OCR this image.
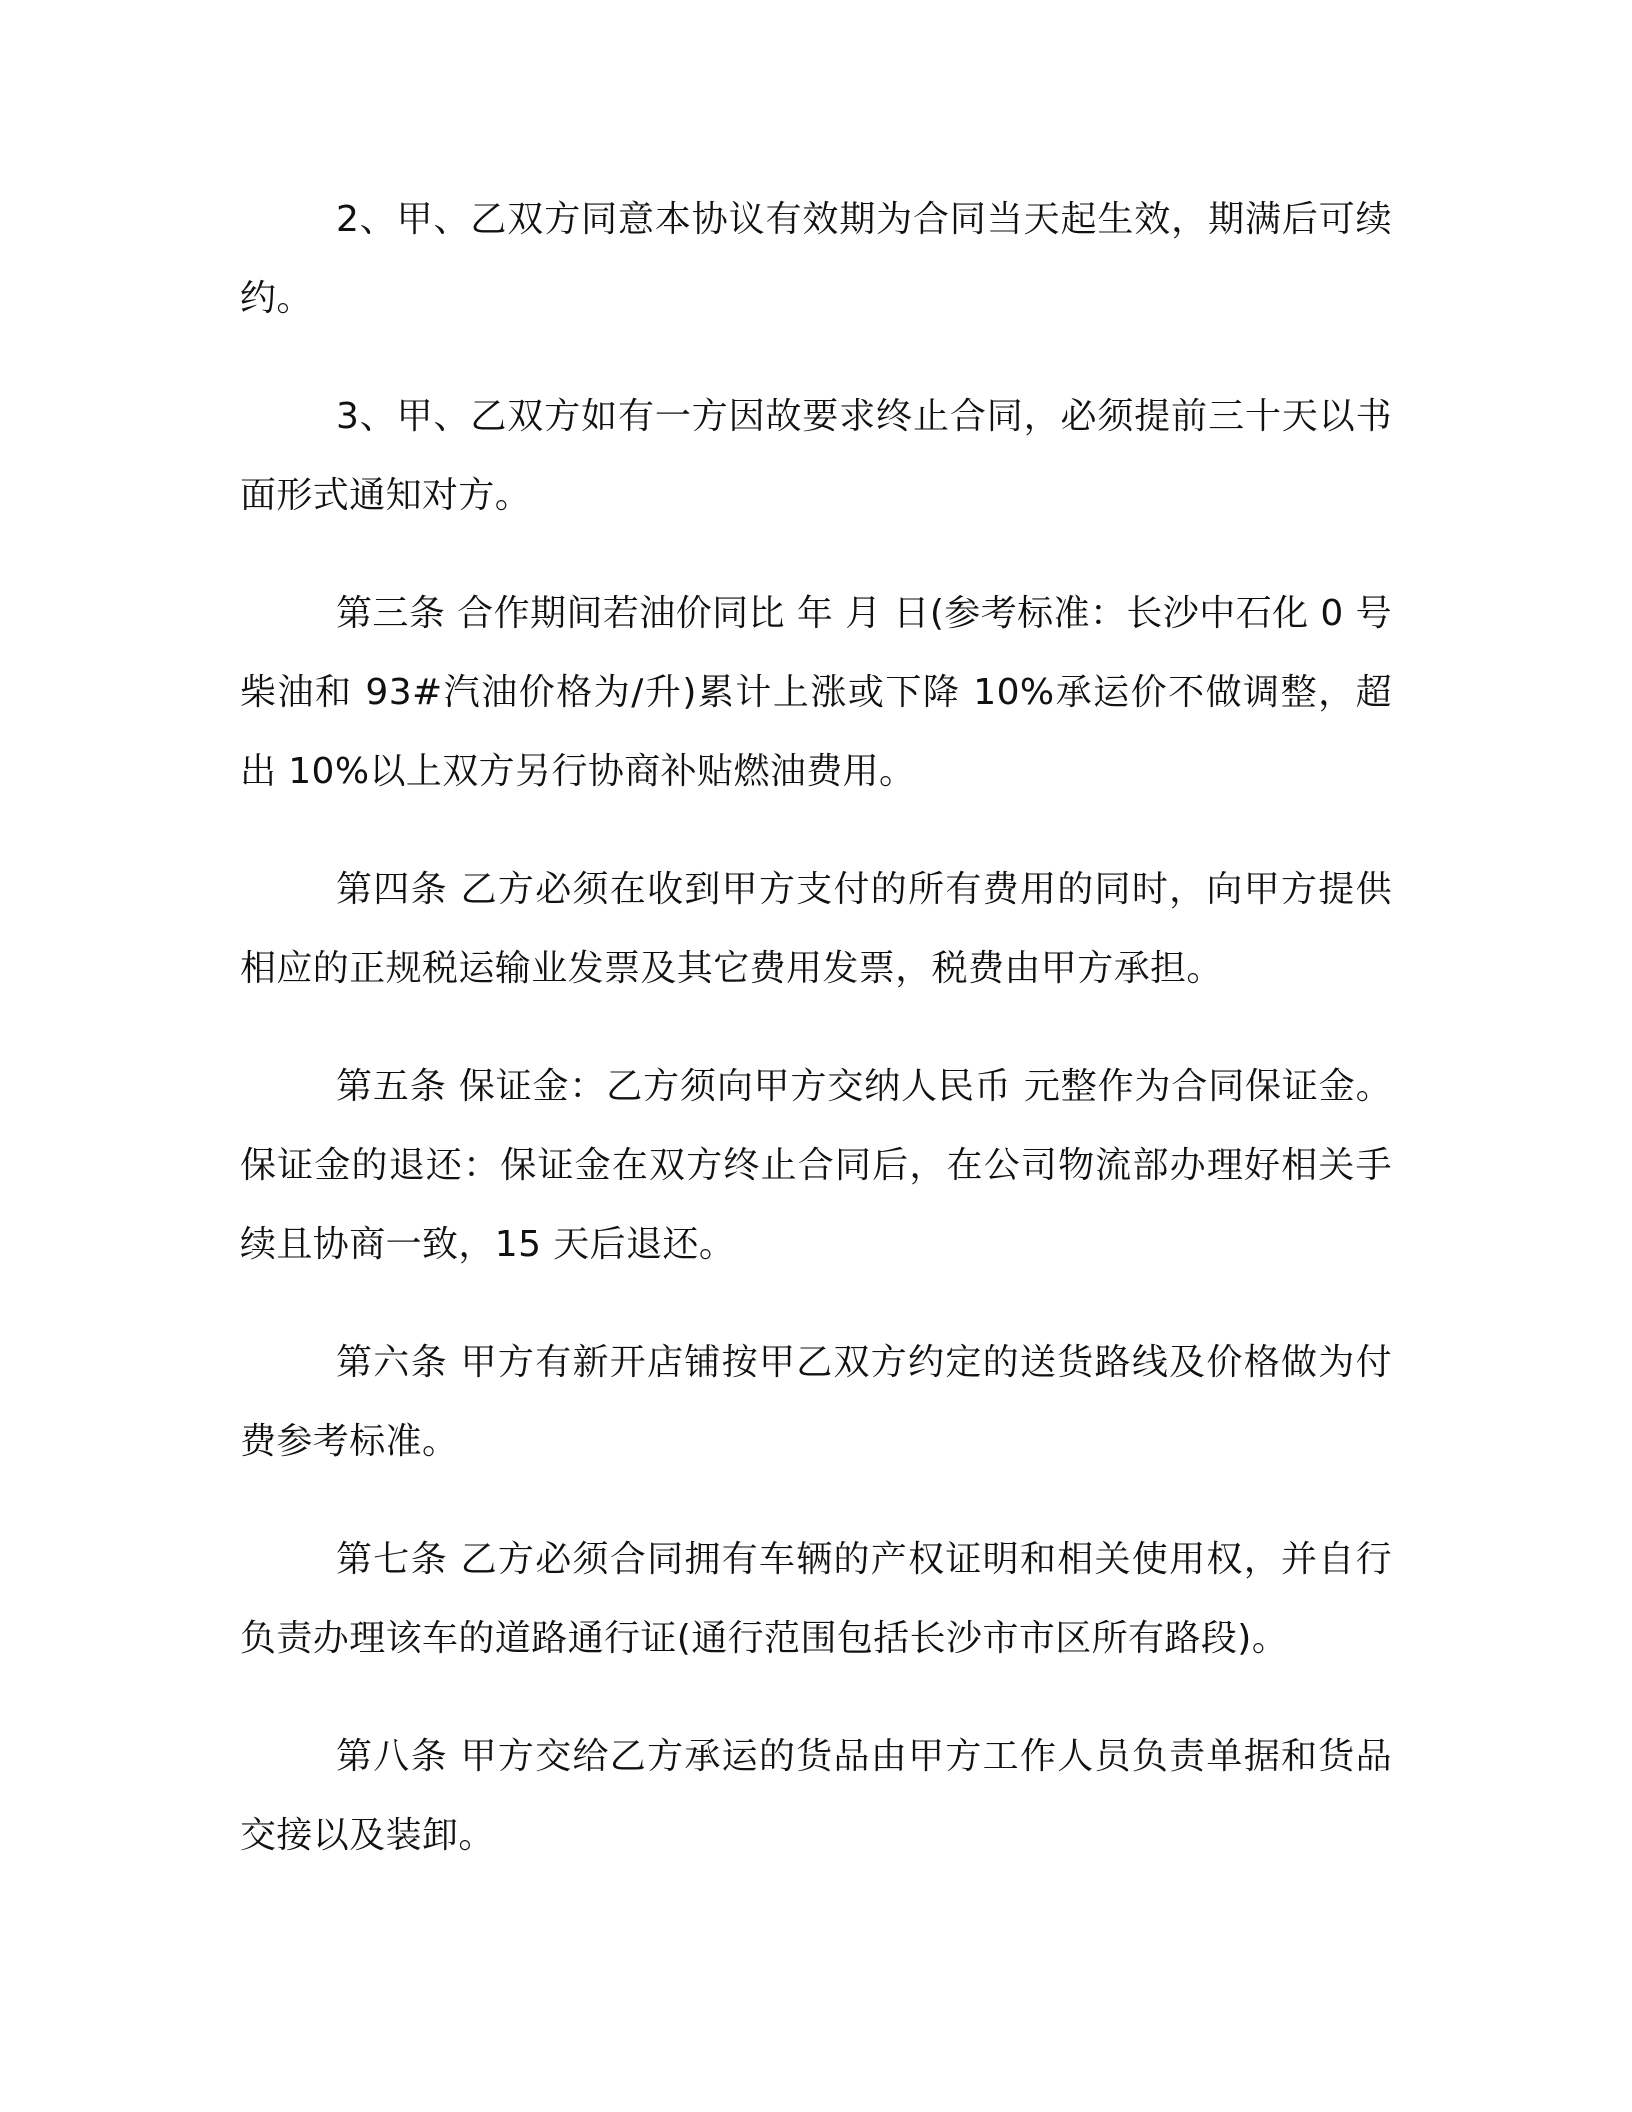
2、甲、乙双方同意本协议有效期为合同当天起生效，期满后可续约。

3、甲、乙双方如有一方因故要求终止合同，必须提前三十天以书面形式通知对方。

第三条 合作期间若油价同比 年 月 日(参考标准：长沙中石化 0 号柴油和 93#汽油价格为/升)累计上涨或下降 10%承运价不做调整，超出 10%以上双方另行协商补贴燃油费用。

第四条 乙方必须在收到甲方支付的所有费用的同时，向甲方提供相应的正规税运输业发票及其它费用发票，税费由甲方承担。

第五条 保证金：乙方须向甲方交纳人民币 元整作为合同保证金。保证金的退还：保证金在双方终止合同后，在公司物流部办理好相关手续且协商一致，15 天后退还。

第六条 甲方有新开店铺按甲乙双方约定的送货路线及价格做为付费参考标准。

第七条 乙方必须合同拥有车辆的产权证明和相关使用权，并自行负责办理该车的道路通行证(通行范围包括长沙市市区所有路段)。

第八条 甲方交给乙方承运的货品由甲方工作人员负责单据和货品交接以及装卸。
